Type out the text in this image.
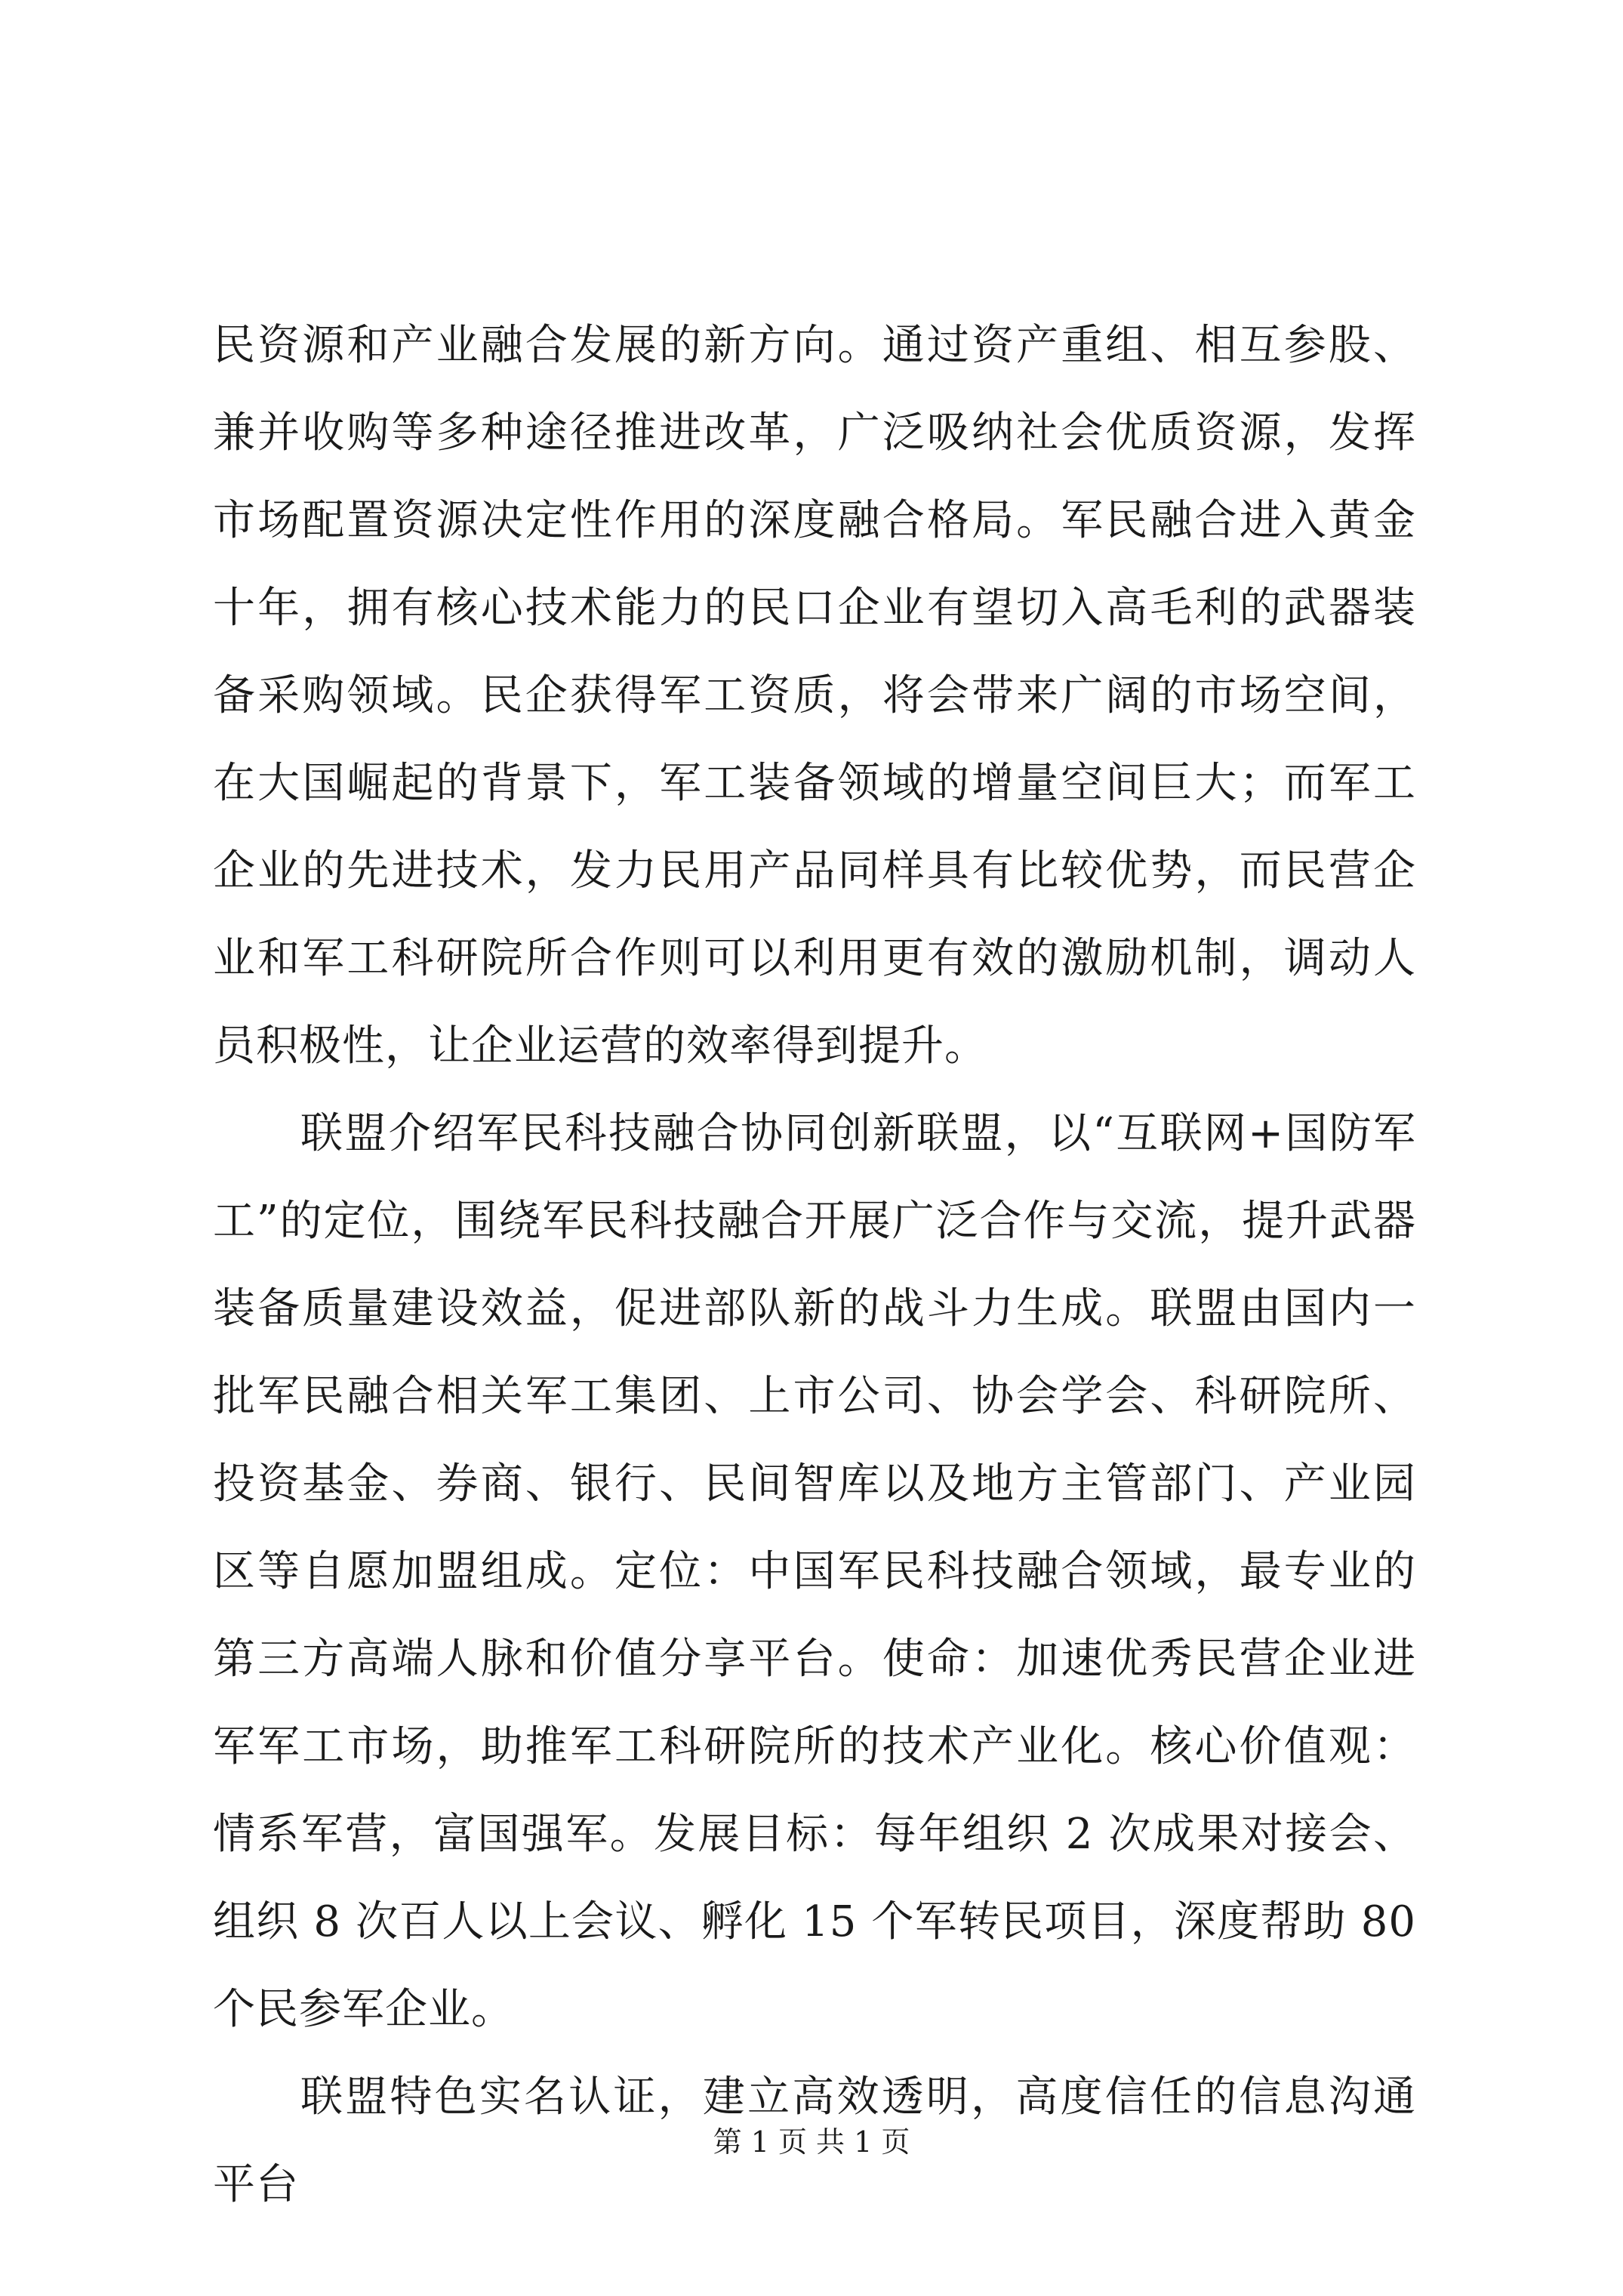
民资源和产业融合发展的新方向。通过资产重组、相互参股、兼并收购等多种途径推进改革，广泛吸纳社会优质资源，发挥市场配置资源决定性作用的深度融合格局。军民融合进入黄金十年，拥有核心技术能力的民口企业有望切入高毛利的武器装备采购领域。民企获得军工资质，将会带来广阔的市场空间，在大国崛起的背景下，军工装备领域的增量空间巨大；而军工企业的先进技术，发力民用产品同样具有比较优势，而民营企业和军工科研院所合作则可以利用更有效的激励机制，调动人员积极性，让企业运营的效率得到提升。

联盟介绍军民科技融合协同创新联盟，以“互联网+国防军工”的定位，围绕军民科技融合开展广泛合作与交流，提升武器装备质量建设效益，促进部队新的战斗力生成。联盟由国内一批军民融合相关军工集团、上市公司、协会学会、科研院所、投资基金、券商、银行、民间智库以及地方主管部门、产业园区等自愿加盟组成。定位：中国军民科技融合领域，最专业的第三方高端人脉和价值分享平台。使命：加速优秀民营企业进军军工市场，助推军工科研院所的技术产业化。核心价值观：情系军营，富国强军。发展目标：每年组织 2 次成果对接会、组织 8 次百人以上会议、孵化 15 个军转民项目，深度帮助 80 个民参军企业。

联盟特色实名认证，建立高效透明，高度信任的信息沟通平台

第 1 页 共 1 页
